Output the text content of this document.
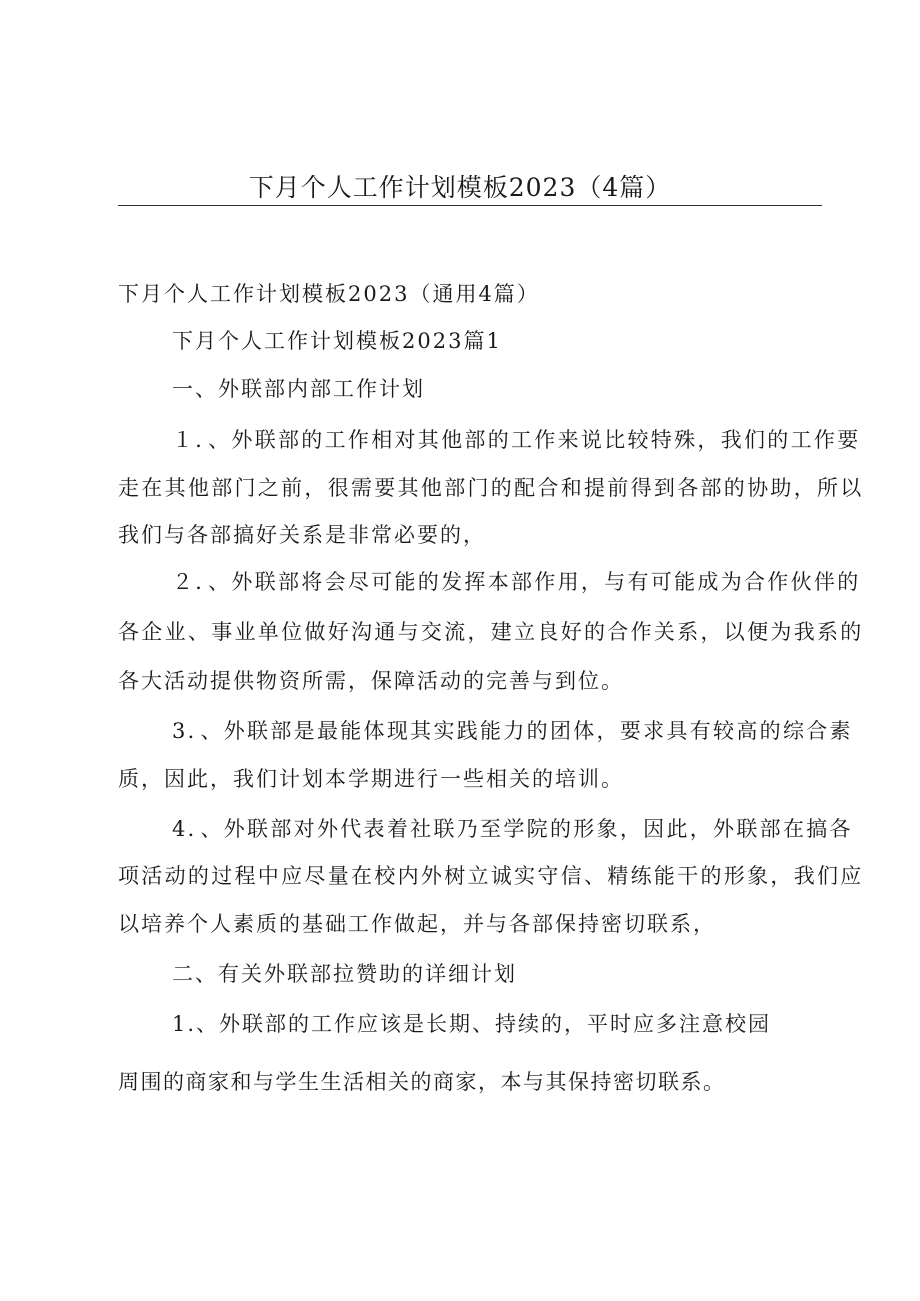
下月个人工作计划模板2023（4篇）
下月个人工作计划模板2023（通用4篇）
下月个人工作计划模板2023篇1
一、外联部内部工作计划
１．、外联部的工作相对其他部的工作来说比较特殊，我们的工作要
走在其他部门之前，很需要其他部门的配合和提前得到各部的协助，所以
我们与各部搞好关系是非常必要的，
２．、外联部将会尽可能的发挥本部作用，与有可能成为合作伙伴的
各企业、事业单位做好沟通与交流，建立良好的合作关系，以便为我系的
各大活动提供物资所需，保障活动的完善与到位。
3．、外联部是最能体现其实践能力的团体，要求具有较高的综合素
质，因此，我们计划本学期进行一些相关的培训。
4．、外联部对外代表着社联乃至学院的形象，因此，外联部在搞各
项活动的过程中应尽量在校内外树立诚实守信、精练能干的形象，我们应
以培养个人素质的基础工作做起，并与各部保持密切联系，
二、有关外联部拉赞助的详细计划
1.、外联部的工作应该是长期、持续的，平时应多注意校园
周围的商家和与学生生活相关的商家，本与其保持密切联系。
